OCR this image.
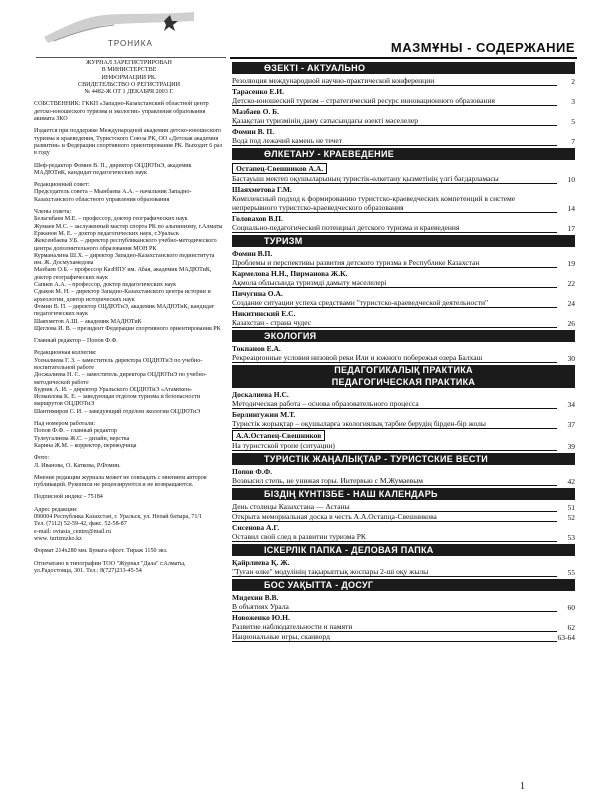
ТРОНИКА	МАЗМҰНЫ - СОДЕРЖАНИЕ
ЖУРНАЛ ЗАРЕГИСТРИРОВАН
В МИНИСТЕРСТВЕ
ИНФОРМАЦИИ РК.
СВИДЕТЕЛЬСТВО О РЕГИСТРАЦИИ
№ 4482-Ж ОТ 1 ДЕКАБРЯ 2003 Г.

СОБСТВЕННИК: ГККП «Западно-Казахстанский областной центр детско-юношеского туризма и экологии» управления образования акимата ЗКО

Издается при поддержке Международной академии детско-юношеского туризма и краеведения, Туристского Союза РК, ОО «Детская академия развития» и Федерации спортивного ориентирования РК. Выходит 6 раз в году

Шеф-редактор Фомин В. П., директор ОЦДЮТиЭ, академик МАДЮТиК, кандидат педагогических наук

Редакционный совет:
Председатель совета – Мынбаева А.А. – начальник Западно-Казахстанского областного управления образования
Члены совета:
Бельгибаев М.Е. – профессор, доктор географических наук
Жумаев М.С. – заслуженный мастер спорта РК по альпинизму, г.Алматы
Ержанов М. Е. – доктор педагогических наук, г.Уральск
Жексенбаева У.Б. – директор республиканского учебно-методического центра дополнительного образования МОН РК
Курманалина Ш.Х. – директор Западно-Казахстанского пединститута им. Ж. Досмухамедова
Мазбаев О.Б. – профессор КазНПУ им. Абая, академик МАДЮТиК, доктор географических наук
Сапиев А.А. – профессор, доктор педагогических наук
Сдыков М. Н. – директор Западно-Казахстанского центра истории и археологии, доктор исторических наук
Фомин В. П. – директор ОЦДЮТиЭ, академик МАДЮТиК, кандидат педагогических наук
Шаяхметов А.Ш. – академик МАДЮТиК
Щеглова И. В. – президент Федерации спортивного ориентирования РК

Главный редактор – Попов Ф.Ф.

Редакционная коллегия:
Усеналиева Г. З. – заместитель директора ОЦДЮТиЭ по учебно-воспитательной работе
Досжалиева Н. С. – заместитель директора ОЦДЮТиЭ по учебно-методической работе
Будник А. И. – директор Уральского ОЦДЮТиЭ «Атамекен»
Исмаилова К. Е. – заведующая отделом туризма и безопасности маршрутов ОЦДЮТиЭ
Шантимиров С. И. – заведующий отделом экологии ОЦДЮТиЭ
Над номером работали:
Попов Ф.Ф. – главный редактор
Тулеугалиева Ж.С. – дизайн, верстка
Карина Ж.М. – корректор, переводчица
Фото:
Л. Иванова, О. Каткова, Р.Фомин.

Мнение редакции журнала может не совпадать с мнением авторов публикаций. Рукописи не рецензируются и не возвращаются.

Подписной индекс - 75184

Адрес редакции:
090004 Республика Казахстан, г. Уральск, ул. Непай батыра, 71/1
Тел. (7112) 52-59-42, факс. 52-58-87
e-mail: ovtasia_centre@mail.ru
www. turizmzko.kz

Формат 214х280 мм. Бумага офсет. Тираж 1150 экз.

Отпечатано в типографии ТОО "Журнал "Дала" г.Алматы, ул.Радостовца, 301. Тел.: 8(727)233-45-54

ӨЗЕКТІ - АКТУАЛЬНО
Резолюция международной научно-практической конференции	2
Тарасенко Е.И.
Детско-юношеский туризм – стратегический ресурс инновационного образования	3
Мазбаев О. Б.
Қазақстан туризмінің даму сатысындағы өзекті мәселелер	5
Фомин В. П.
Вода под лежачий камень не течет	7
ӨЛКЕТАНУ - КРАЕВЕДЕНИЕ
Остапец-Свешников А.А.
Бастауыш мектеп оқушыларының туристік-өлкетану қызметінің үлгі бағдарламасы	10
Шаяхметова Г.М.
Комплексный подход к формированию туристско-краеведческих компетенций в системе непрерывного туристско-краеведческого образования	14
Головахов В.П.
Социально-педагогический потенциал детского туризма и краеведения	17
ТУРИЗМ
Фомин В.П.
Проблемы и перспективы развития детского туризма в Республике Казахстан	19
Кармелова Н.Н., Пирманова Ж.К.
Ақмола облысында туризмді дамыту мәселелері	22
Пичугина О.А.
Создание ситуации успеха средствами "туристско-краеведческой деятельности"	24
Никитинский Е.С.
Казахстан - страна чудес	26
ЭКОЛОГИЯ
Токпанов Е.А.
Рекреационные условия низовой реки Или и южного побережья озера Балхаш	30
ПЕДАГОГИКАЛЫҚ ПРАКТИКА
ПЕДАГОГИЧЕСКАЯ ПРАКТИКА
Доскалиева Н.С.
Методическая работа – основа образовательного процесса	34
Берлингужин М.Т.
Туристік жорықтар – оқушыларға экологиялық тәрбие берудің бірден-бір жолы	37
А.А.Остапец-Свешников
На туристской тропе (ситуации)	39
ТУРИСТІК ЖАҢАЛЫҚТАР - ТУРИСТСКИЕ ВЕСТИ
Попов Ф.Ф.
Возвысил степь, не унижая горы. Интервью с М.Жумаевым	42
БІЗДІҢ КҮНТІЗБЕ - НАШ КАЛЕНДАРЬ
День столицы Казахстана — Астаны	51
Открыта мемориальная доска в честь А.А.Остапца-Свешникова	52
Сисенова А.Г.
Оставил свой след в развитии туризма РК	53
ІСКЕРЛІК ПАПКА - ДЕЛОВАЯ ПАПКА
Қайрлиева Қ. Ж.
"Туған өлке" модулінің тақырыптық жоспары 2-ші оқу жылы	55
БОС УАҚЫТТА - ДОСУГ
Мидехин В.В.
В объятиях Урала	60
Новоженко Ю.Н.
Развитие наблюдательности и памяти	62
Национальные игры, сканворд	63-64
1
